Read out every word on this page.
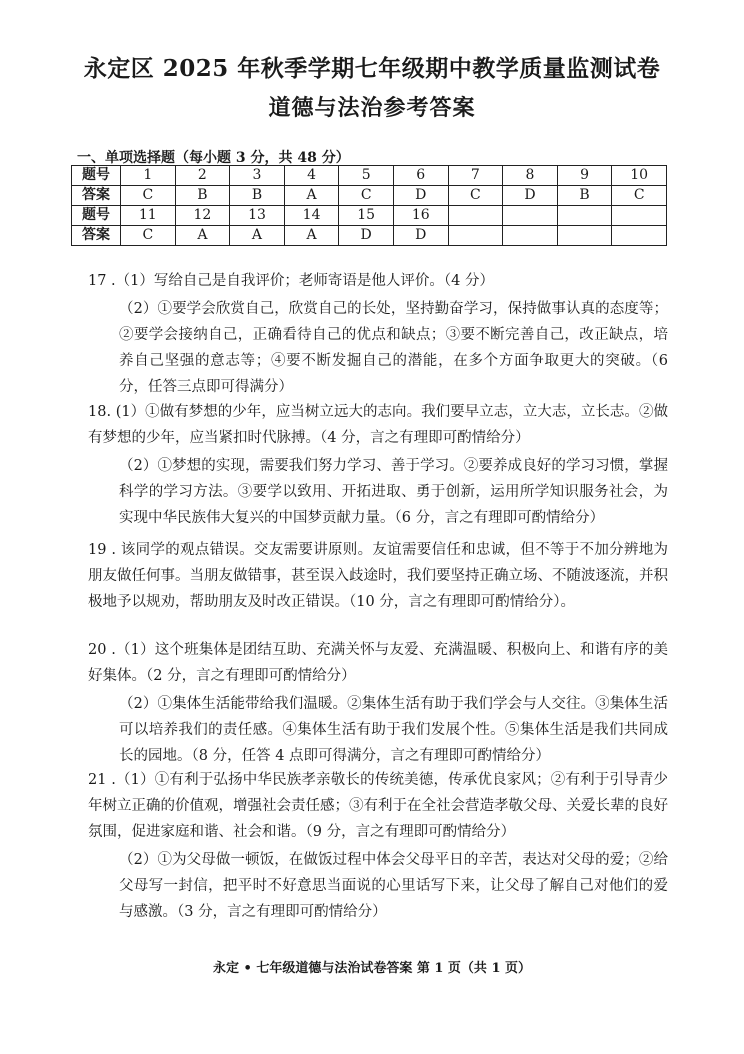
永定区 2025 年秋季学期七年级期中教学质量监测试卷
道德与法治参考答案
一、单项选择题（每小题 3 分，共 48 分）
题号	1	2	3	4	5	6	7	8	9	10
答案	C	B	B	A	C	D	C	D	B	C
题号	11	12	13	14	15	16				
答案	C	A	A	A	D	D				

17 .（1）写给自己是自我评价；老师寄语是他人评价。（4 分）

（2）①要学会欣赏自己，欣赏自己的长处，坚持勤奋学习，保持做事认真的态度等；②要学会接纳自己，正确看待自己的优点和缺点；③要不断完善自己，改正缺点，培养自己坚强的意志等；④要不断发掘自己的潜能，在多个方面争取更大的突破。（6 分，任答三点即可得满分）

18. (1）①做有梦想的少年，应当树立远大的志向。我们要早立志，立大志，立长志。②做有梦想的少年，应当紧扣时代脉搏。（4 分，言之有理即可酌情给分）

（2）①梦想的实现，需要我们努力学习、善于学习。②要养成良好的学习习惯，掌握科学的学习方法。③要学以致用、开拓进取、勇于创新，运用所学知识服务社会，为实现中华民族伟大复兴的中国梦贡献力量。（6 分，言之有理即可酌情给分）

19 . 该同学的观点错误。交友需要讲原则。友谊需要信任和忠诚，但不等于不加分辨地为朋友做任何事。当朋友做错事，甚至误入歧途时，我们要坚持正确立场、不随波逐流，并积极地予以规劝，帮助朋友及时改正错误。（10 分，言之有理即可酌情给分）。

20 .（1）这个班集体是团结互助、充满关怀与友爱、充满温暖、积极向上、和谐有序的美好集体。（2 分，言之有理即可酌情给分）

（2）①集体生活能带给我们温暖。②集体生活有助于我们学会与人交往。③集体生活可以培养我们的责任感。④集体生活有助于我们发展个性。⑤集体生活是我们共同成长的园地。（8 分，任答 4 点即可得满分，言之有理即可酌情给分）

21 .（1）①有利于弘扬中华民族孝亲敬长的传统美德，传承优良家风；②有利于引导青少年树立正确的价值观，增强社会责任感；③有利于在全社会营造孝敬父母、关爱长辈的良好氛围，促进家庭和谐、社会和谐。（9 分，言之有理即可酌情给分）

（2）①为父母做一顿饭，在做饭过程中体会父母平日的辛苦，表达对父母的爱；②给父母写一封信，把平时不好意思当面说的心里话写下来，让父母了解自己对他们的爱与感激。（3 分，言之有理即可酌情给分）

永定 • 七年级道德与法治试卷答案 第 1 页（共 1 页）
